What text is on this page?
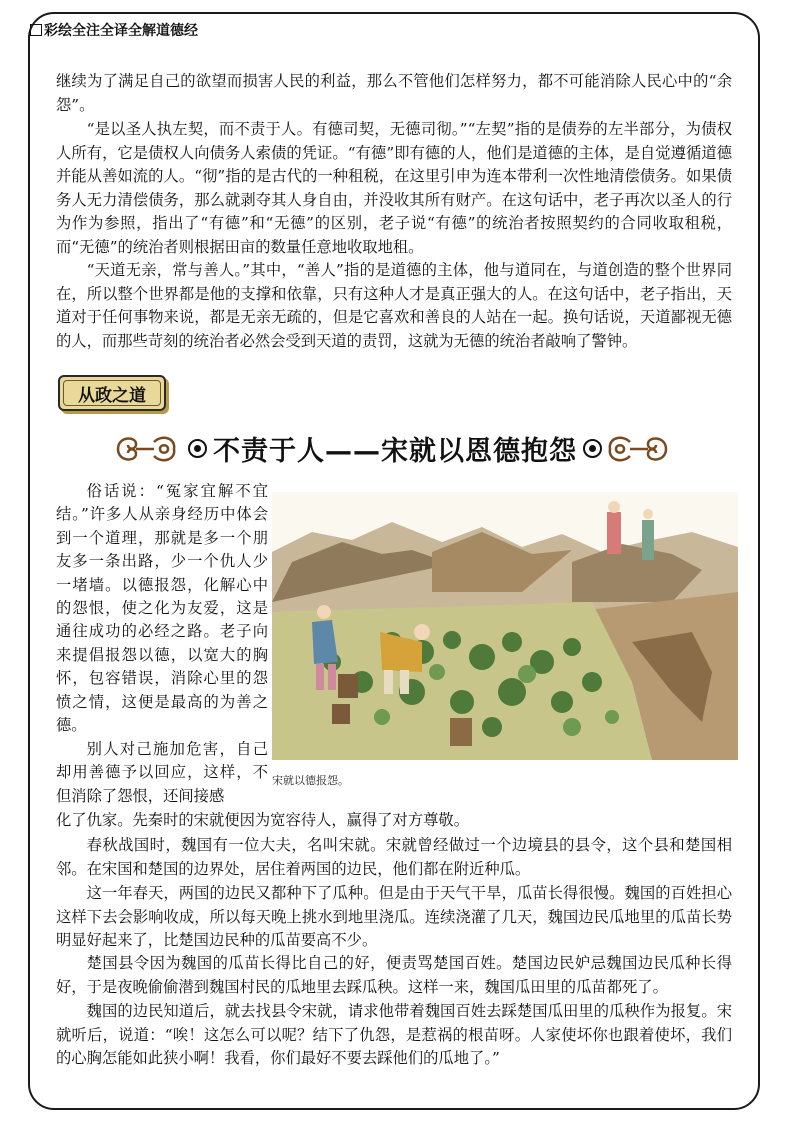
彩绘全注全译全解道德经

继续为了满足自己的欲望而损害人民的利益，那么不管他们怎样努力，都不可能消除人民心中的“余怨”。

“是以圣人执左契，而不责于人。有德司契，无德司彻。”“左契”指的是债券的左半部分，为债权人所有，它是债权人向债务人索债的凭证。“有德”即有德的人，他们是道德的主体，是自觉遵循道德并能从善如流的人。“彻”指的是古代的一种租税，在这里引申为连本带利一次性地清偿债务。如果债务人无力清偿债务，那么就剥夺其人身自由，并没收其所有财产。在这句话中，老子再次以圣人的行为作为参照，指出了“有德”和“无德”的区别，老子说“有德”的统治者按照契约的合同收取租税，而“无德”的统治者则根据田亩的数量任意地收取地租。

“天道无亲，常与善人。”其中，“善人”指的是道德的主体，他与道同在，与道创造的整个世界同在，所以整个世界都是他的支撑和依靠，只有这种人才是真正强大的人。在这句话中，老子指出，天道对于任何事物来说，都是无亲无疏的，但是它喜欢和善良的人站在一起。换句话说，天道鄙视无德的人，而那些苛刻的统治者必然会受到天道的责罚，这就为无德的统治者敲响了警钟。

从政之道
不责于人——宋就以恩德抱怨

俗话说：“冤家宜解不宜结。”许多人从亲身经历中体会到一个道理，那就是多一个朋友多一条出路，少一个仇人少一堵墙。以德报怨，化解心中的怨恨，使之化为友爱，这是通往成功的必经之路。老子向来提倡报怨以德，以宽大的胸怀，包容错误，消除心里的怨愤之情，这便是最高的为善之德。

别人对己施加危害，自己却用善德予以回应，这样，不但消除了怨恨，还间接感

宋就以德报怨。

化了仇家。先秦时的宋就便因为宽容待人，赢得了对方尊敬。

春秋战国时，魏国有一位大夫，名叫宋就。宋就曾经做过一个边境县的县令，这个县和楚国相邻。在宋国和楚国的边界处，居住着两国的边民，他们都在附近种瓜。

这一年春天，两国的边民又都种下了瓜种。但是由于天气干旱，瓜苗长得很慢。魏国的百姓担心这样下去会影响收成，所以每天晚上挑水到地里浇瓜。连续浇灌了几天，魏国边民瓜地里的瓜苗长势明显好起来了，比楚国边民种的瓜苗要高不少。

楚国县令因为魏国的瓜苗长得比自己的好，便责骂楚国百姓。楚国边民妒忌魏国边民瓜种长得好，于是夜晚偷偷潜到魏国村民的瓜地里去踩瓜秧。这样一来，魏国瓜田里的瓜苗都死了。

魏国的边民知道后，就去找县令宋就，请求他带着魏国百姓去踩楚国瓜田里的瓜秧作为报复。宋就听后，说道：“唉！这怎么可以呢？结下了仇怨，是惹祸的根苗呀。人家使坏你也跟着使坏，我们的心胸怎能如此狭小啊！我看，你们最好不要去踩他们的瓜地了。”
